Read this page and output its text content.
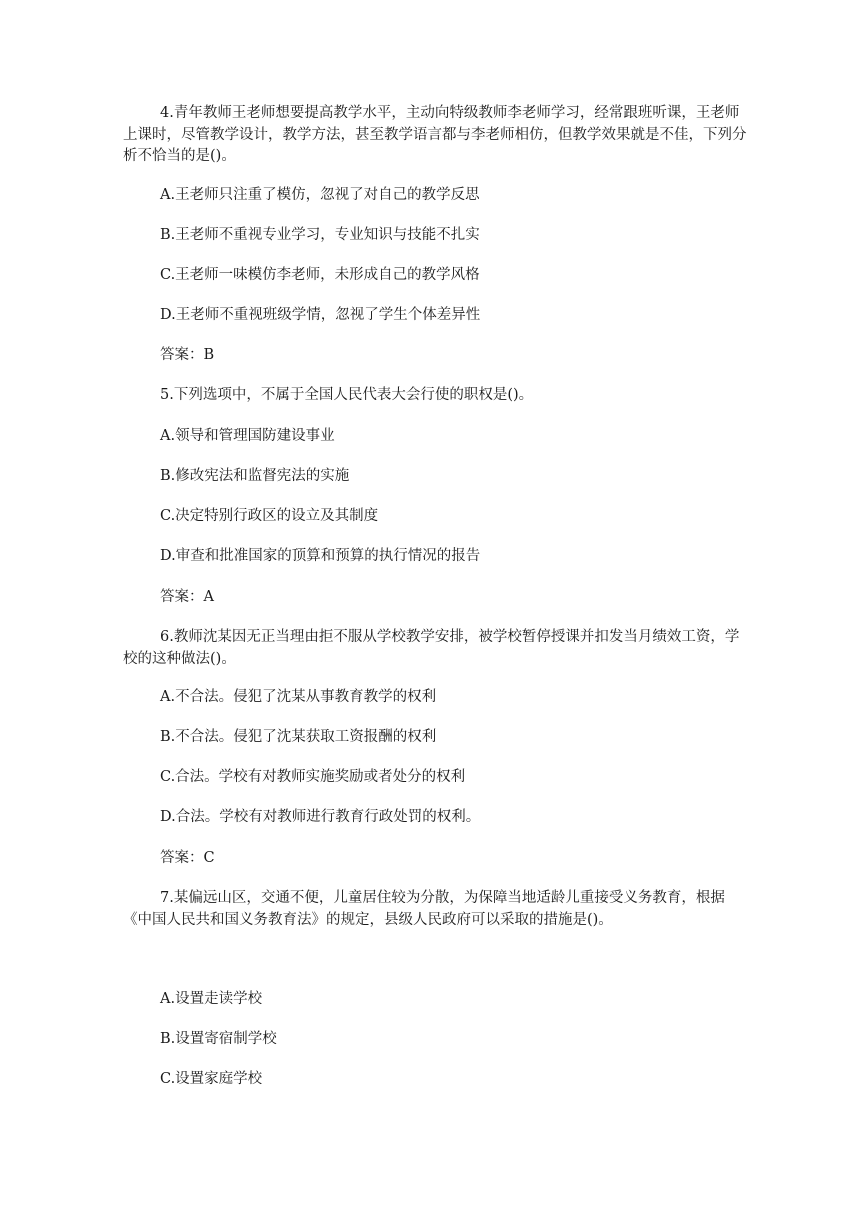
4.青年教师王老师想要提高教学水平，主动向特级教师李老师学习，经常跟班听课，王老师上课时，尽管教学设计，教学方法，甚至教学语言都与李老师相仿，但教学效果就是不佳，下列分析不恰当的是()。

A.王老师只注重了模仿，忽视了对自己的教学反思

B.王老师不重视专业学习，专业知识与技能不扎实

C.王老师一味模仿李老师，未形成自己的教学风格

D.王老师不重视班级学情，忽视了学生个体差异性

答案：B

5.下列选项中，不属于全国人民代表大会行使的职权是()。

A.领导和管理国防建设事业

B.修改宪法和监督宪法的实施

C.决定特别行政区的设立及其制度

D.审查和批准国家的顶算和预算的执行情况的报告

答案：A

6.教师沈某因无正当理由拒不服从学校教学安排，被学校暂停授课并扣发当月绩效工资，学校的这种做法()。

A.不合法。侵犯了沈某从事教育教学的权利

B.不合法。侵犯了沈某获取工资报酬的权利

C.合法。学校有对教师实施奖励或者处分的权利

D.合法。学校有对教师进行教育行政处罚的权利。

答案：C

7.某偏远山区，交通不便，儿童居住较为分散，为保障当地适龄儿重接受义务教育，根据《中国人民共和国义务教育法》的规定，县级人民政府可以采取的措施是()。

A.设置走读学校

B.设置寄宿制学校

C.设置家庭学校
